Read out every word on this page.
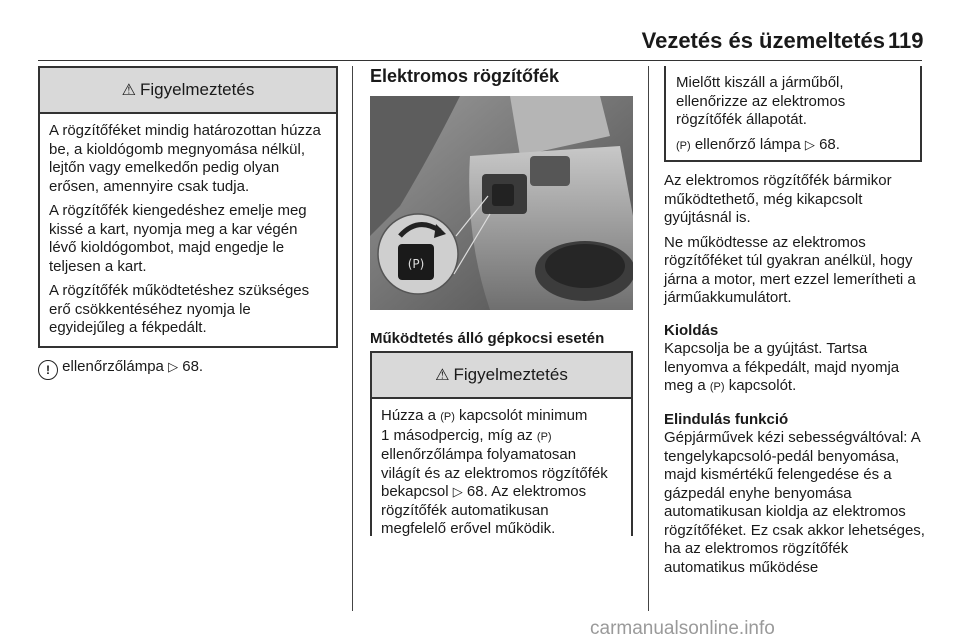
Vezetés és üzemeltetés 119
⚠ Figyelmeztetés

A rögzítőféket mindig határozottan húzza be, a kioldógomb megnyomása nélkül, lejtőn vagy emelkedőn pedig olyan erősen, amennyire csak tudja.

A rögzítőfék kiengedéshez emelje meg kissé a kart, nyomja meg a kar végén lévő kioldógombot, majd engedje le teljesen a kart.

A rögzítőfék működtetéshez szükséges erő csökkentéséhez nyomja le egyidejűleg a fékpedált.

! ellenőrzőlámpa ▷ 68.
Elektromos rögzítőfék
(P)
Működtetés álló gépkocsi esetén
⚠ Figyelmeztetés
Húzza a (P) kapcsolót minimum
1 másodpercig, míg az (P)
ellenőrzőlámpa folyamatosan
világít és az elektromos rögzítőfék
bekapcsol ▷ 68. Az elektromos
rögzítőfék automatikusan
megfelelő erővel működik.

Mielőtt kiszáll a járműből, ellenőrizze az elektromos rögzítőfék állapotát.

(P) ellenőrző lámpa ▷ 68.

Az elektromos rögzítőfék bármikor működtethető, még kikapcsolt gyújtásnál is.

Ne működtesse az elektromos rögzítőféket túl gyakran anélkül, hogy járna a motor, mert ezzel lemerítheti a járműakkumulátort.

Kioldás

Kapcsolja be a gyújtást. Tartsa lenyomva a fékpedált, majd nyomja meg a (P) kapcsolót.

Elindulás funkció

Gépjárművek kézi sebességváltóval: A tengelykapcsoló-pedál benyomása, majd kismértékű felengedése és a gázpedál enyhe benyomása automatikusan kioldja az elektromos rögzítőféket. Ez csak akkor lehetséges, ha az elektromos rögzítőfék automatikus működése

carmanualsonline.info
